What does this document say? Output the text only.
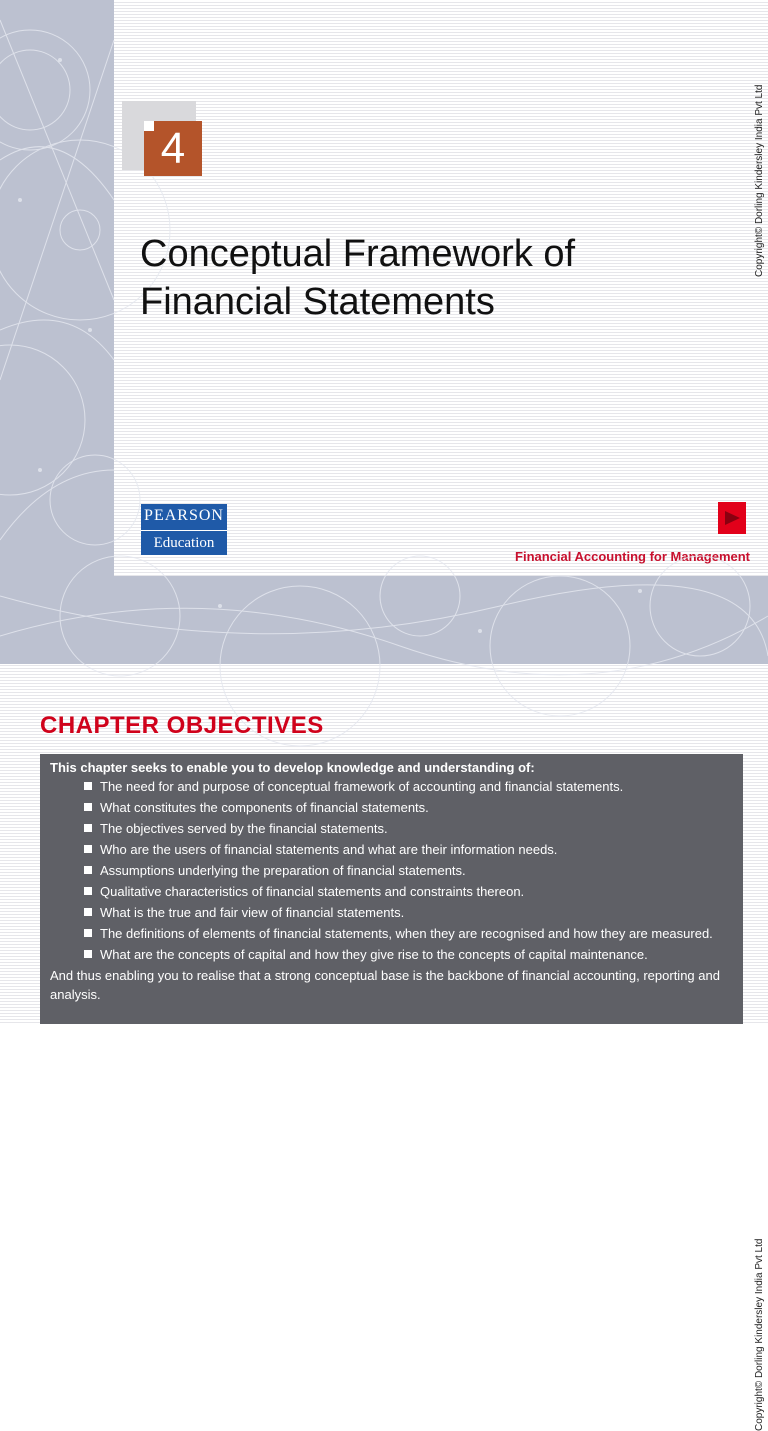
4
Conceptual Framework of Financial Statements
PEARSON
Education
Financial Accounting for Management
Copyright© Dorling Kindersley India Pvt Ltd
CHAPTER OBJECTIVES

This chapter seeks to enable you to develop knowledge and understanding of:

The need for and purpose of conceptual framework of accounting and financial statements.
What constitutes the components of financial statements.
The objectives served by the financial statements.
Who are the users of financial statements and what are their information needs.
Assumptions underlying the preparation of financial statements.
Qualitative characteristics of financial statements and constraints thereon.
What is the true and fair view of financial statements.
The definitions of elements of financial statements, when they are recognised and how they are measured.
What are the concepts of capital and how they give rise to the concepts of capital maintenance.

And thus enabling you to realise that a strong conceptual base is the backbone of financial accounting, reporting and analysis.

Copyright© Dorling Kindersley India Pvt Ltd
